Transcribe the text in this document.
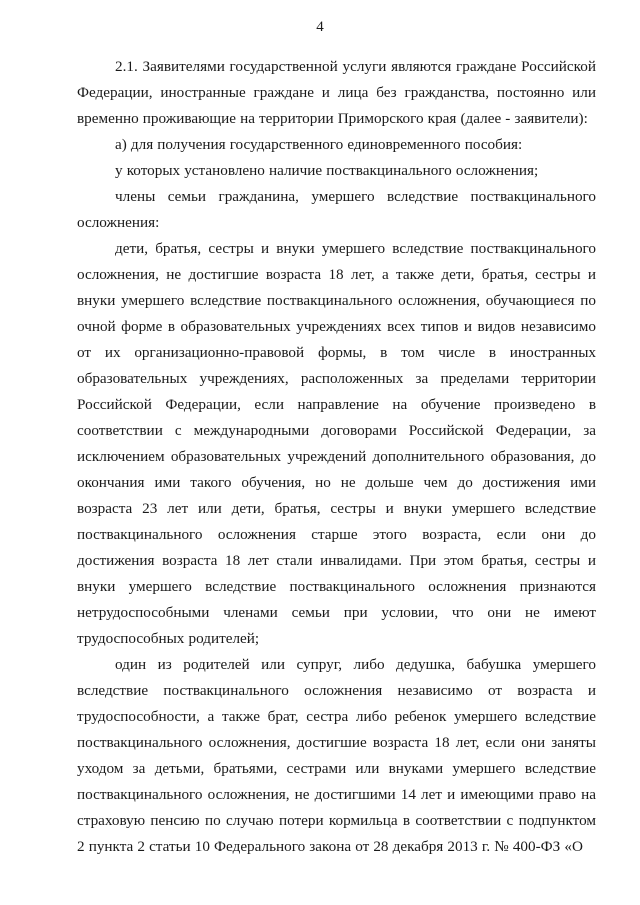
4

2.1. Заявителями государственной услуги являются граждане Российской Федерации, иностранные граждане и лица без гражданства, постоянно или временно проживающие на территории Приморского края (далее - заявители):

а) для получения государственного единовременного пособия:

у которых установлено наличие поствакцинального осложнения;

члены семьи гражданина, умершего вследствие поствакцинального осложнения:

дети, братья, сестры и внуки умершего вследствие поствакцинального осложнения, не достигшие возраста 18 лет, а также дети, братья, сестры и внуки умершего вследствие поствакцинального осложнения, обучающиеся по очной форме в образовательных учреждениях всех типов и видов независимо от их организационно-правовой формы, в том числе в иностранных образовательных учреждениях, расположенных за пределами территории Российской Федерации, если направление на обучение произведено в соответствии с международными договорами Российской Федерации, за исключением образовательных учреждений дополнительного образования, до окончания ими такого обучения, но не дольше чем до достижения ими возраста 23 лет или дети, братья, сестры и внуки умершего вследствие поствакцинального осложнения старше этого возраста, если они до достижения возраста 18 лет стали инвалидами. При этом братья, сестры и внуки умершего вследствие поствакцинального осложнения признаются нетрудоспособными членами семьи при условии, что они не имеют трудоспособных родителей;

один из родителей или супруг, либо дедушка, бабушка умершего вследствие поствакцинального осложнения независимо от возраста и трудоспособности, а также брат, сестра либо ребенок умершего вследствие поствакцинального осложнения, достигшие возраста 18 лет, если они заняты уходом за детьми, братьями, сестрами или внуками умершего вследствие поствакцинального осложнения, не достигшими 14 лет и имеющими право на страховую пенсию по случаю потери кормильца в соответствии с подпунктом 2 пункта 2 статьи 10 Федерального закона от 28 декабря 2013 г. № 400-ФЗ «О
